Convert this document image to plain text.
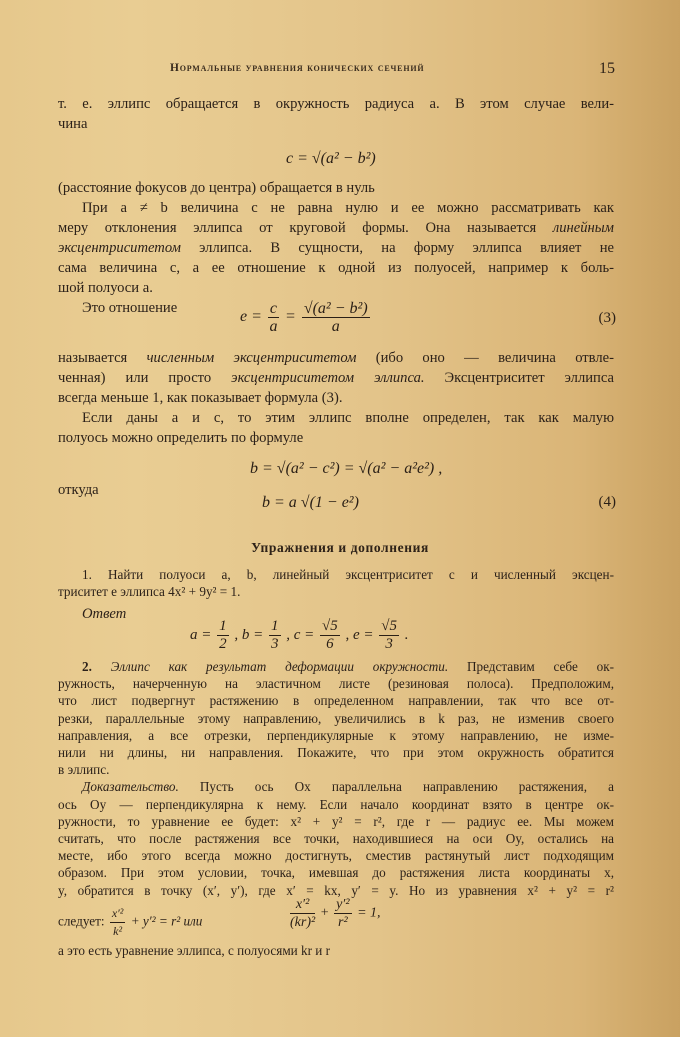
Нормальные уравнения конических сечений	15
т. е. эллипс обращается в окружность радиуса a. В этом случае вели-
чина
c = √(a² − b²)
(расстояние фокусов до центра) обращается в нуль
При a ≠ b величина c не равна нулю и ее можно рассматривать как
меру отклонения эллипса от круговой формы. Она называется линейным
эксцентриситетом эллипса. В сущности, на форму эллипса влияет не
сама величина c, а ее отношение к одной из полуосей, например к боль-
шой полуоси a.
Это отношение
$e = \frac{c}{a} = \frac{\text{√(a² − b²)}}{a}$	(3)
называется численным эксцентриситетом (ибо оно — величина отвле-
ченная) или просто эксцентриситетом эллипса. Эксцентриситет эллипса
всегда меньше 1, как показывает формула (3).
Если даны a и c, то этим эллипс вполне определен, так как малую
полуось можно определить по формуле
b = √(a² − c²) = √(a² − a²e²) ,
откуда
b = a √(1 − e²)	(4)
Упражнения и дополнения
1. Найти полуоси a, b, линейный эксцентриситет c и численный эксцен-
триситет e эллипса 4x² + 9y² = 1.
Ответ
$a = \frac{1}{2}$ , $b = \frac{1}{3}$ , $c = \frac{√5}{6}$ , $e = \frac{√5}{3}$ .
2. Эллипс как результат деформации окружности. Представим себе ок-
ружность, начерченную на эластичном листе (резиновая полоса). Предположим,
что лист подвергнут растяжению в определенном направлении, так что все от-
резки, параллельные этому направлению, увеличились в k раз, не изменив своего
направления, а все отрезки, перпендикулярные к этому направлению, не изме-
нили ни длины, ни направления. Покажите, что при этом окружность обратится
в эллипс.
Доказательство. Пусть ось Ox параллельна направлению растяжения, а
ось Oy — перпендикулярна к нему. Если начало координат взято в центре ок-
ружности, то уравнение ее будет: x² + y² = r², где r — радиус ее. Мы можем
считать, что после растяжения все точки, находившиеся на оси Oy, остались на
месте, ибо этого всегда можно достигнуть, сместив растянутый лист подходящим
образом. При этом условии, точка, имевшая до растяжения листа координаты x,
y, обратится в точку (x′, y′), где x′ = kx, y′ = y. Но из уравнения x² + y² = r²
следует: $\frac{\text{x′²}}{\text{k²}} + y'^2 = r^2$ или	$\frac{\text{x′²}}{\text{(kr)²}} + \frac{\text{y′²}}{\text{r²}} = 1$,
а это есть уравнение эллипса, с полуосями kr и r
